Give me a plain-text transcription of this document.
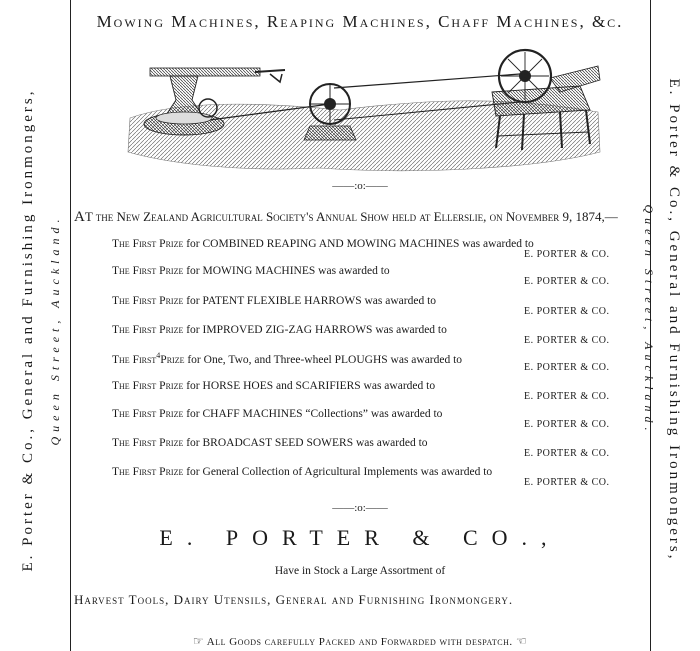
E. Porter & Co., General and Furnishing Ironmongers, Queen Street, Auckland.	E. Porter & Co., General and Furnishing Ironmongers,
Queen Street, Auckland.
Mowing Machines, Reaping Machines, Chaff Machines, &c.
——:o:——
AT the New Zealand Agricultural Society's Annual Show held at Ellerslie, on November 9, 1874,—
The First Prize for COMBINED REAPING AND MOWING MACHINES was awarded to
E. PORTER & CO.
The First Prize for MOWING MACHINES was awarded to
E. PORTER & CO.
The First Prize for PATENT FLEXIBLE HARROWS was awarded to
E. PORTER & CO.
The First Prize for IMPROVED ZIG-ZAG HARROWS was awarded to
E. PORTER & CO.
The First$^4$Prize for One, Two, and Three-wheel PLOUGHS was awarded to
E. PORTER & CO.
The First Prize for HORSE HOES and SCARIFIERS was awarded to
E. PORTER & CO.
The First Prize for CHAFF MACHINES “Collections” was awarded to
E. PORTER & CO.
The First Prize for BROADCAST SEED SOWERS was awarded to
E. PORTER & CO.
The First Prize for General Collection of Agricultural Implements was awarded to
E. PORTER & CO.
——:o:——
E. PORTER & CO.,
Have in Stock a Large Assortment of
Harvest Tools, Dairy Utensils, General and Furnishing Ironmongery.
☞ All Goods carefully Packed and Forwarded with despatch. ☜
